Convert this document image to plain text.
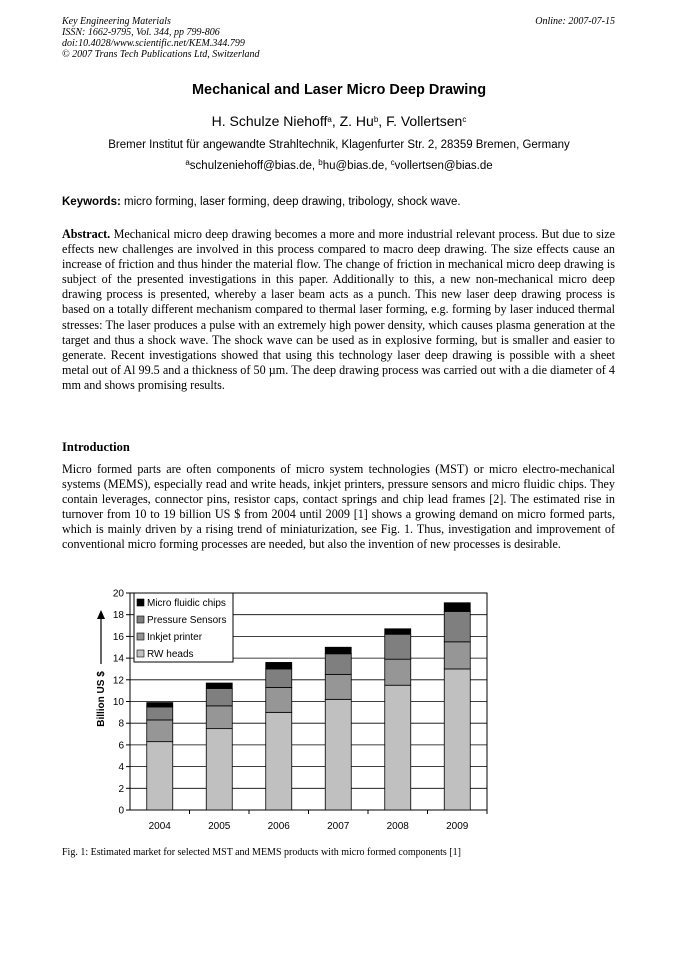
Key Engineering Materials
ISSN: 1662-9795, Vol. 344, pp 799-806
doi:10.4028/www.scientific.net/KEM.344.799
© 2007 Trans Tech Publications Ltd, Switzerland
Online: 2007-07-15
Mechanical and Laser Micro Deep Drawing
H. Schulze Niehoff$^a$, Z. Hu$^b$, F. Vollertsen$^c$
Bremer Institut für angewandte Strahltechnik, Klagenfurter Str. 2, 28359 Bremen, Germany
$^a$schulzeniehoff@bias.de, $^b$hu@bias.de, $^c$vollertsen@bias.de
Keywords: micro forming, laser forming, deep drawing, tribology, shock wave.
Abstract. Mechanical micro deep drawing becomes a more and more industrial relevant process. But due to size effects new challenges are involved in this process compared to macro deep drawing. The size effects cause an increase of friction and thus hinder the material flow. The change of friction in mechanical micro deep drawing is subject of the presented investigations in this paper. Additionally to this, a new non-mechanical micro deep drawing process is presented, whereby a laser beam acts as a punch. This new laser deep drawing process is based on a totally different mechanism compared to thermal laser forming, e.g. forming by laser induced thermal stresses: The laser produces a pulse with an extremely high power density, which causes plasma generation at the target and thus a shock wave. The shock wave can be used as in explosive forming, but is smaller and easier to generate. Recent investigations showed that using this technology laser deep drawing is possible with a sheet metal out of Al 99.5 and a thickness of 50 µm. The deep drawing process was carried out with a die diameter of 4 mm and shows promising results.
Introduction
Micro formed parts are often components of micro system technologies (MST) or micro electro-mechanical systems (MEMS), especially read and write heads, inkjet printers, pressure sensors and micro fluidic chips. They contain leverages, connector pins, resistor caps, contact springs and chip lead frames [2]. The estimated rise in turnover from 10 to 19 billion US $ from 2004 until 2009 [1] shows a growing demand on micro formed parts, which is mainly driven by a rising trend of miniaturization, see Fig. 1. Thus, investigation and improvement of conventional micro forming processes are needed, but also the invention of new processes is desirable.
0
2
4
6
8
10
12
14
16
18
20
2004	2005	2006	2007	2008	2009
Billion US $
Micro fluidic chips
Pressure Sensors
Inkjet printer
RW heads
Fig. 1: Estimated market for selected MST and MEMS products with micro formed components [1]
